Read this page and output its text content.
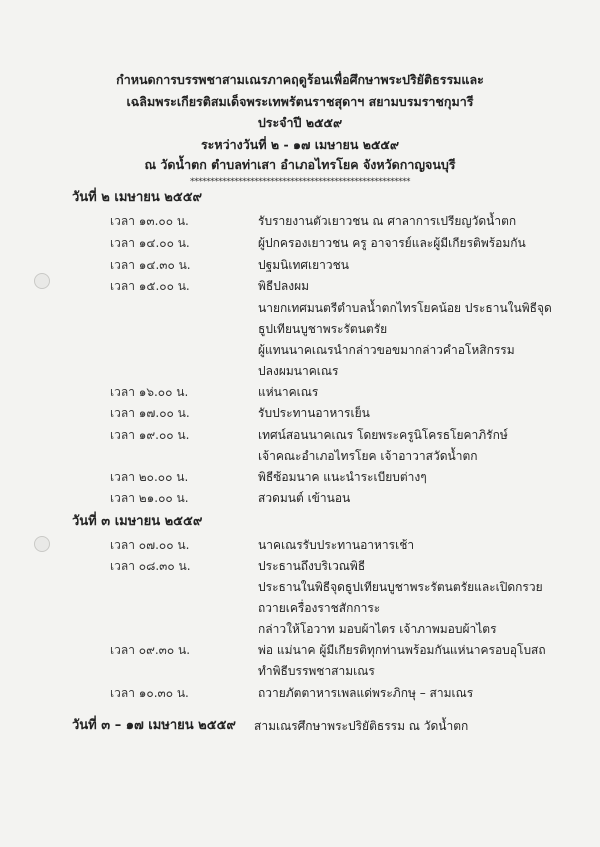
กำหนดการบรรพชาสามเณรภาคฤดูร้อนเพื่อศึกษาพระปริยัติธรรมและ
เฉลิมพระเกียรติสมเด็จพระเทพรัตนราชสุดาฯ สยามบรมราชกุมารี
ประจำปี ๒๕๕๙
ระหว่างวันที่ ๒ - ๑๗ เมษายน ๒๕๕๙
ณ วัดน้ำตก ตำบลท่าเสา อำเภอไทรโยค จังหวัดกาญจนบุรี
*******************************************************
วันที่ ๒ เมษายน ๒๕๕๙
เวลา ๑๓.๐๐ น.	รับรายงานตัวเยาวชน ณ ศาลาการเปรียญวัดน้ำตก
เวลา ๑๔.๐๐ น.	ผู้ปกครองเยาวชน ครู อาจารย์และผู้มีเกียรติพร้อมกัน
เวลา ๑๔.๓๐ น.	ปฐมนิเทศเยาวชน
เวลา ๑๕.๐๐ น.	พิธีปลงผม
นายกเทศมนตรีตำบลน้ำตกไทรโยคน้อย ประธานในพิธีจุด
ธูปเทียนบูชาพระรัตนตรัย
ผู้แทนนาคเณรนำกล่าวขอขมากล่าวคำอโหสิกรรม
ปลงผมนาคเณร
เวลา ๑๖.๐๐ น.	แห่นาคเณร
เวลา ๑๗.๐๐ น.	รับประทานอาหารเย็น
เวลา ๑๙.๐๐ น.	เทศน์สอนนาคเณร โดยพระครูนิโครธโยคาภิรักษ์
เจ้าคณะอำเภอไทรโยค เจ้าอาวาสวัดน้ำตก
เวลา ๒๐.๐๐ น.	พิธีซ้อมนาค แนะนำระเบียบต่างๆ
เวลา ๒๑.๐๐ น.	สวดมนต์ เข้านอน
วันที่ ๓ เมษายน ๒๕๕๙
เวลา ๐๗.๐๐ น.	นาคเณรรับประทานอาหารเช้า
เวลา ๐๘.๓๐ น.	ประธานถึงบริเวณพิธี
ประธานในพิธีจุดธูปเทียนบูชาพระรัตนตรัยและเปิดกรวย
ถวายเครื่องราชสักการะ
กล่าวให้โอวาท มอบผ้าไตร เจ้าภาพมอบผ้าไตร
เวลา ๐๙.๓๐ น.	พ่อ แม่นาค ผู้มีเกียรติทุกท่านพร้อมกันแห่นาครอบอุโบสถ
ทำพิธีบรรพชาสามเณร
เวลา ๑๐.๓๐ น.	ถวายภัตตาหารเพลแด่พระภิกษุ – สามเณร
วันที่ ๓ – ๑๗ เมษายน ๒๕๕๙ สามเณรศึกษาพระปริยัติธรรม ณ วัดน้ำตก
